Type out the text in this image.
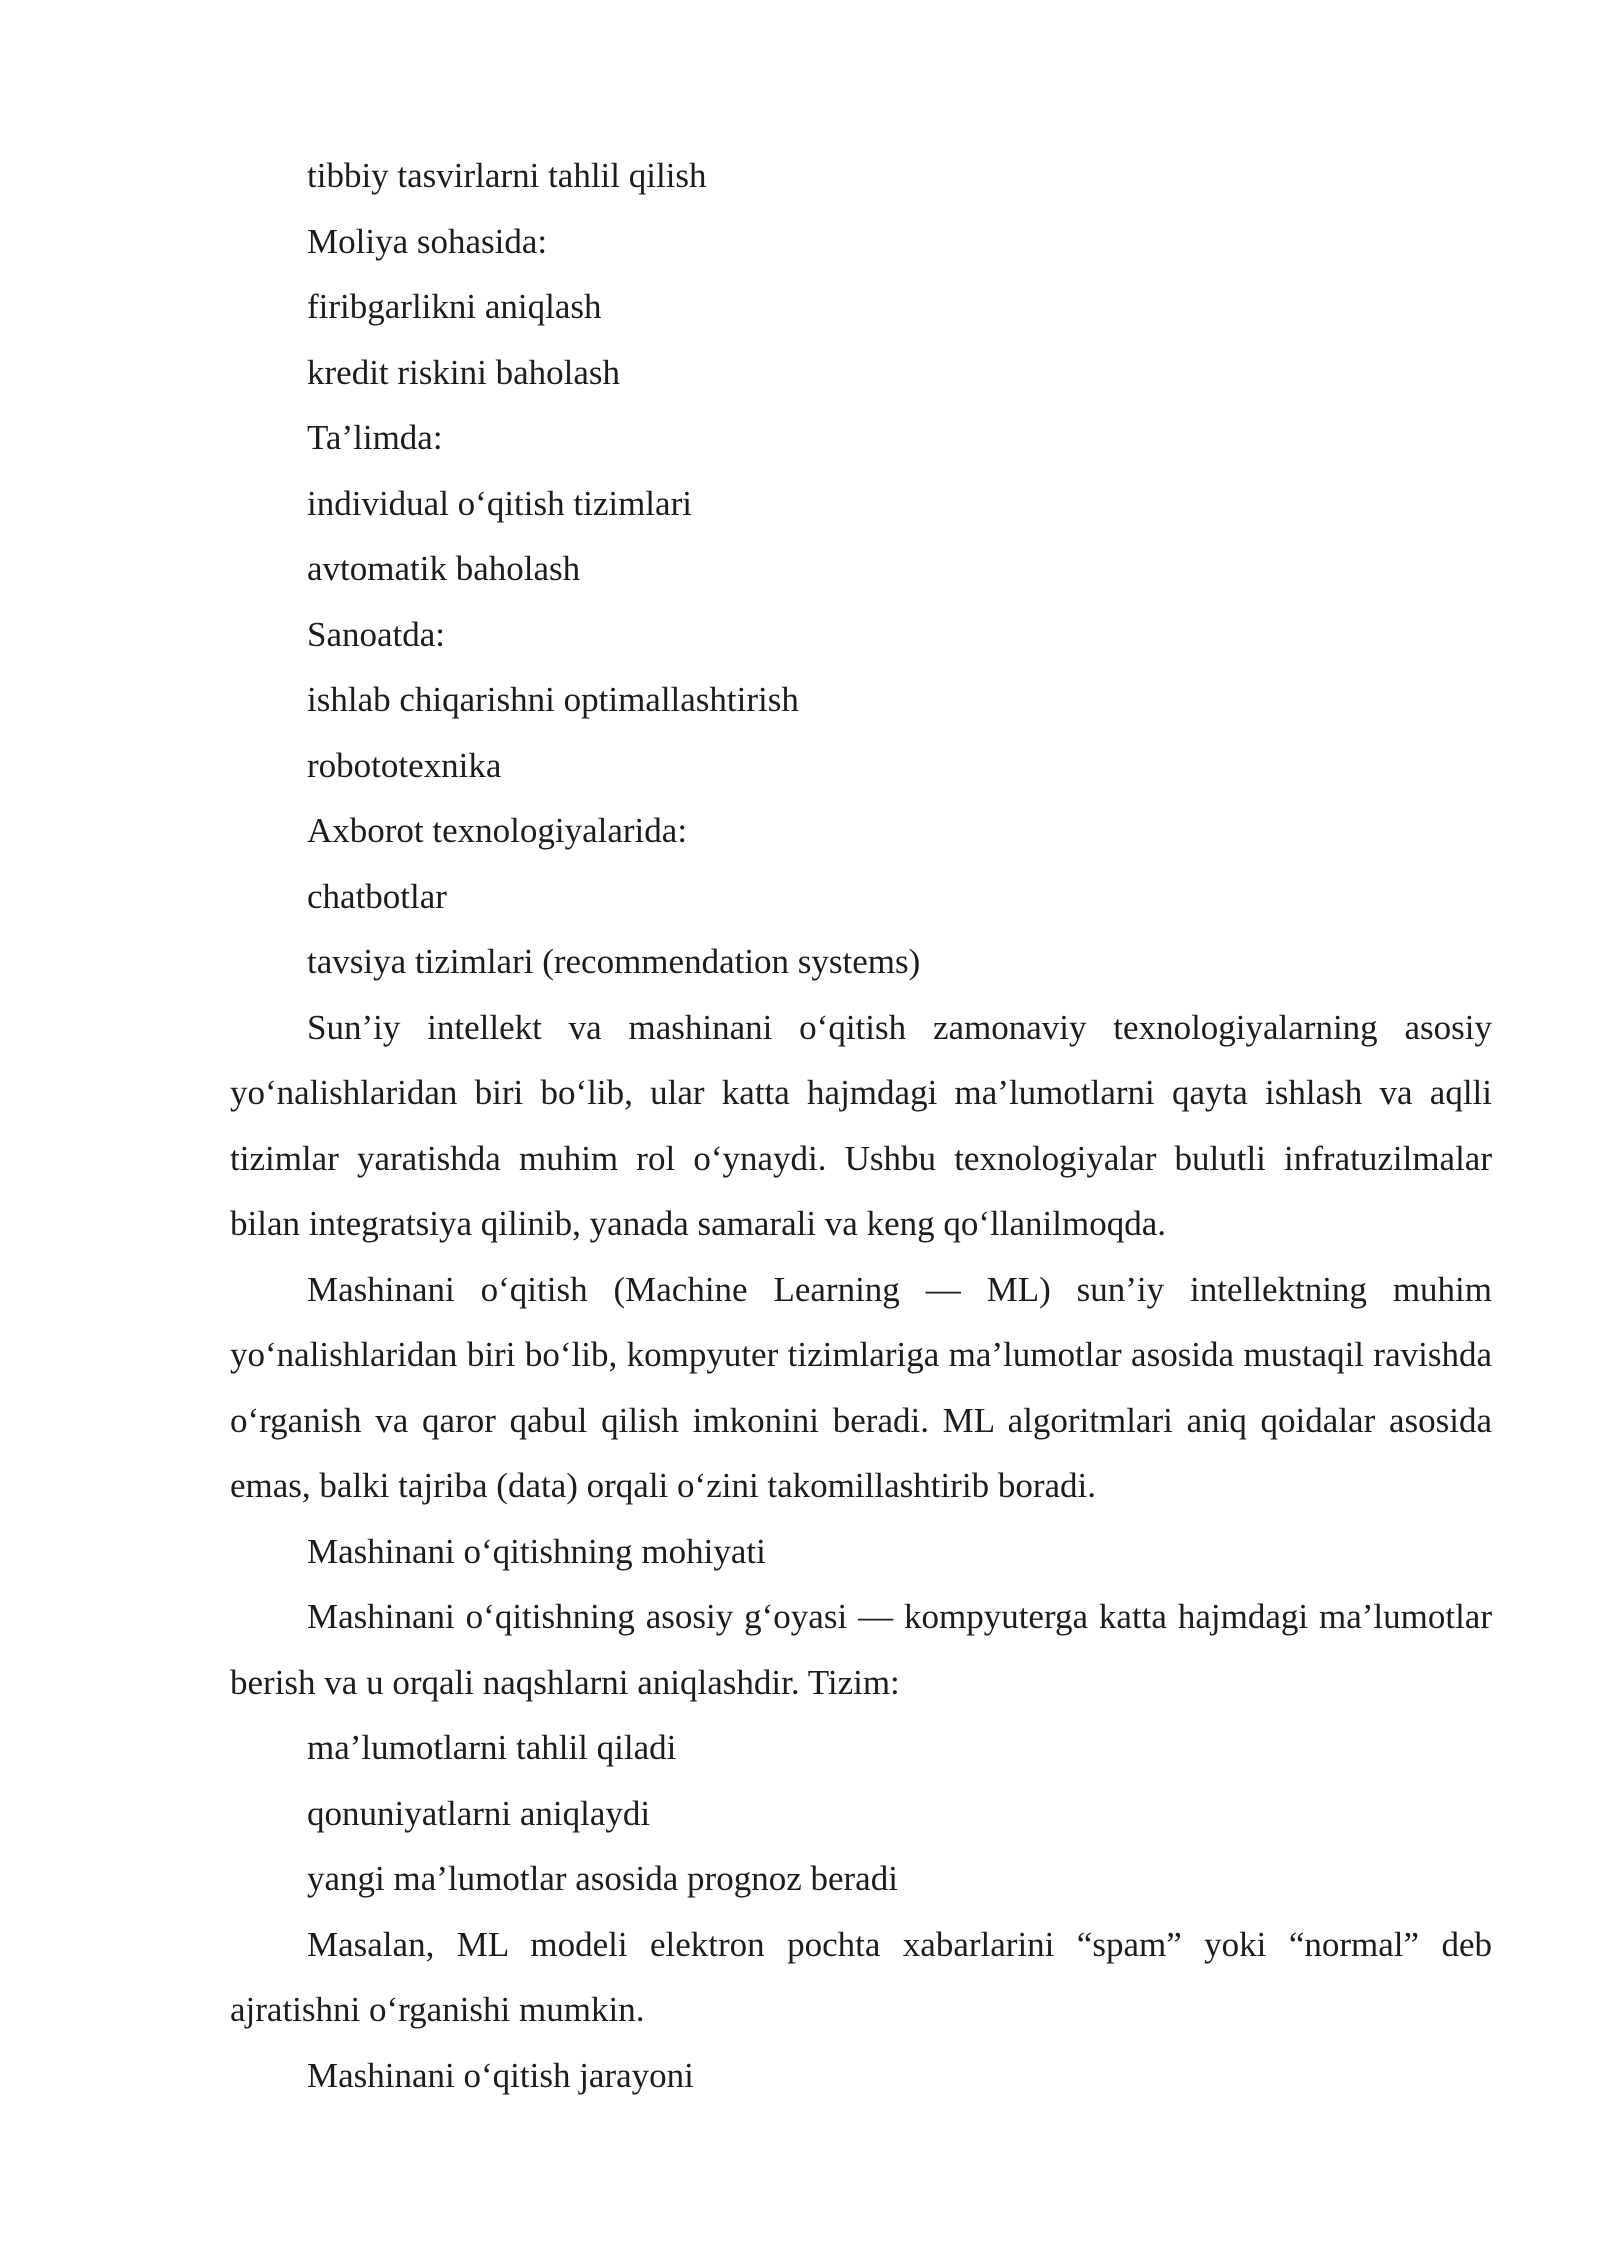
tibbiy tasvirlarni tahlil qilish

Moliya sohasida:

firibgarlikni aniqlash

kredit riskini baholash

Ta’limda:

individual o‘qitish tizimlari

avtomatik baholash

Sanoatda:

ishlab chiqarishni optimallashtirish

robototexnika

Axborot texnologiyalarida:

chatbotlar

tavsiya tizimlari (recommendation systems)

Sun’iy intellekt va mashinani o‘qitish zamonaviy texnologiyalarning asosiy yo‘nalishlaridan biri bo‘lib, ular katta hajmdagi ma’lumotlarni qayta ishlash va aqlli tizimlar yaratishda muhim rol o‘ynaydi. Ushbu texnologiyalar bulutli infratuzilmalar bilan integratsiya qilinib, yanada samarali va keng qo‘llanilmoqda.

Mashinani o‘qitish (Machine Learning — ML) sun’iy intellektning muhim yo‘nalishlaridan biri bo‘lib, kompyuter tizimlariga ma’lumotlar asosida mustaqil ravishda o‘rganish va qaror qabul qilish imkonini beradi. ML algoritmlari aniq qoidalar asosida emas, balki tajriba (data) orqali o‘zini takomillashtirib boradi.

Mashinani o‘qitishning mohiyati

Mashinani o‘qitishning asosiy g‘oyasi — kompyuterga katta hajmdagi ma’lumotlar berish va u orqali naqshlarni aniqlashdir. Tizim:

ma’lumotlarni tahlil qiladi

qonuniyatlarni aniqlaydi

yangi ma’lumotlar asosida prognoz beradi

Masalan, ML modeli elektron pochta xabarlarini “spam” yoki “normal” deb ajratishni o‘rganishi mumkin.

Mashinani o‘qitish jarayoni
